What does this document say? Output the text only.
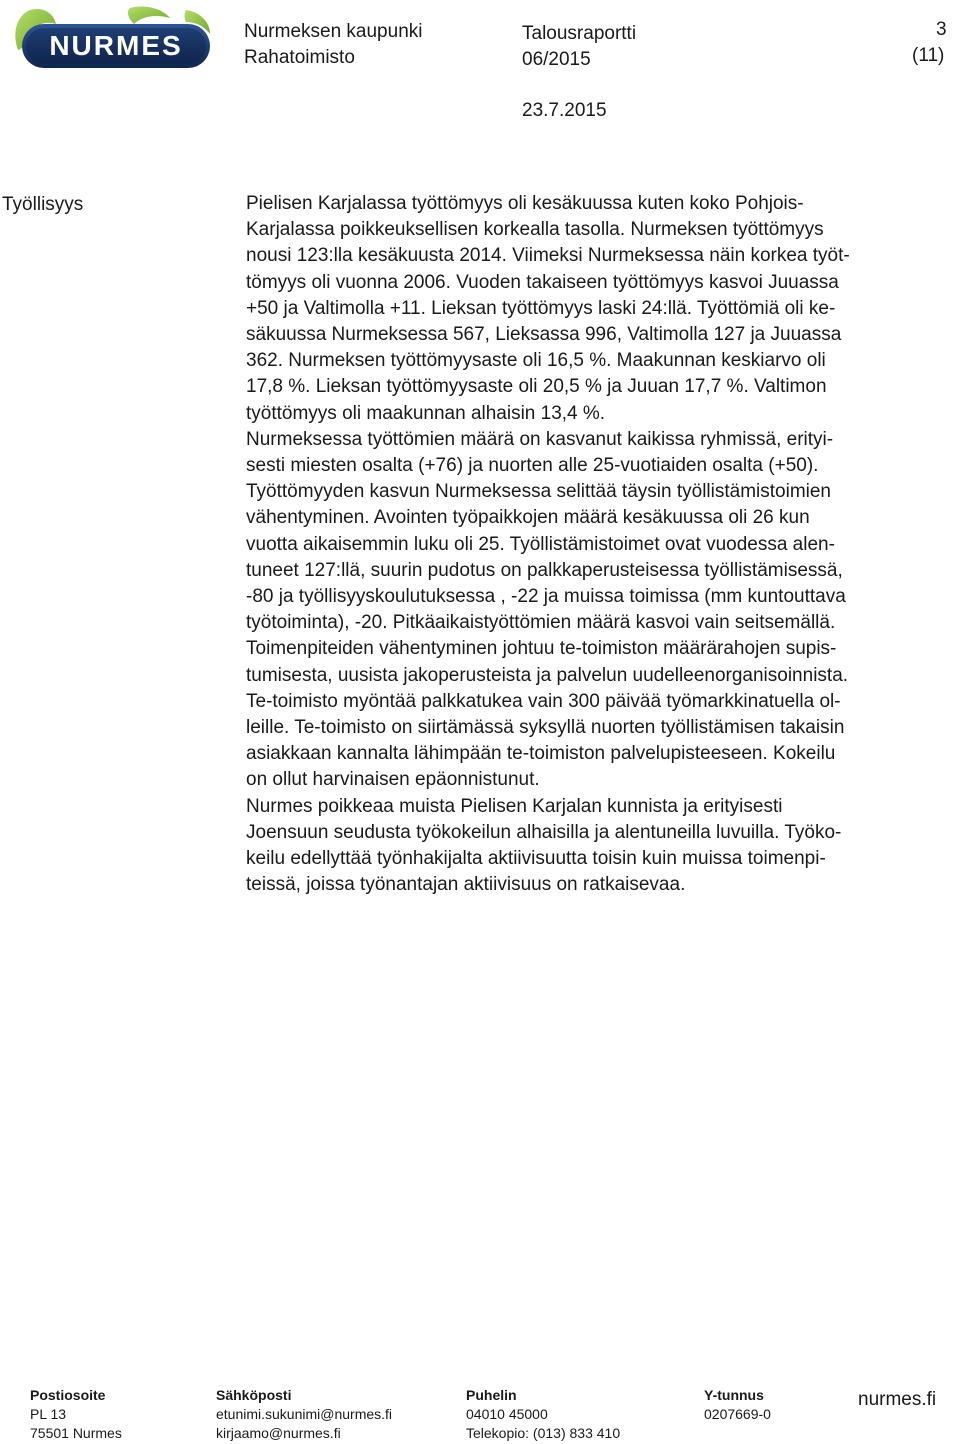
NURMES	Nurmeksen kaupunki
Rahatoimisto
Talousraportti
06/2015
3
(11)
23.7.2015
Työllisyys	Pielisen Karjalassa työttömyys oli kesäkuussa kuten koko Pohjois-
Karjalassa poikkeuksellisen korkealla tasolla. Nurmeksen työttömyys
nousi 123:lla kesäkuusta 2014. Viimeksi Nurmeksessa näin korkea työt-
tömyys oli vuonna 2006. Vuoden takaiseen työttömyys kasvoi Juuassa
+50 ja Valtimolla +11. Lieksan työttömyys laski 24:llä. Työttömiä oli ke-
säkuussa Nurmeksessa 567, Lieksassa 996, Valtimolla 127 ja Juuassa
362. Nurmeksen työttömyysaste oli 16,5 %. Maakunnan keskiarvo oli
17,8 %. Lieksan työttömyysaste oli 20,5 % ja Juuan 17,7 %. Valtimon
työttömyys oli maakunnan alhaisin 13,4 %.
Nurmeksessa työttömien määrä on kasvanut kaikissa ryhmissä, erityi-
sesti miesten osalta (+76) ja nuorten alle 25-vuotiaiden osalta (+50).
Työttömyyden kasvun Nurmeksessa selittää täysin työllistämistoimien
vähentyminen. Avointen työpaikkojen määrä kesäkuussa oli 26 kun
vuotta aikaisemmin luku oli 25. Työllistämistoimet ovat vuodessa alen-
tuneet 127:llä, suurin pudotus on palkkaperusteisessa työllistämisessä,
-80 ja työllisyyskoulutuksessa , -22 ja muissa toimissa (mm kuntouttava
työtoiminta), -20. Pitkäaikaistyöttömien määrä kasvoi vain seitsemällä.
Toimenpiteiden vähentyminen johtuu te-toimiston määrärahojen supis-
tumisesta, uusista jakoperusteista ja palvelun uudelleenorganisoinnista.
Te-toimisto myöntää palkkatukea vain 300 päivää työmarkkinatuella ol-
leille. Te-toimisto on siirtämässä syksyllä nuorten työllistämisen takaisin
asiakkaan kannalta lähimpään te-toimiston palvelupisteeseen. Kokeilu
on ollut harvinaisen epäonnistunut.
Nurmes poikkeaa muista Pielisen Karjalan kunnista ja erityisesti
Joensuun seudusta työkokeilun alhaisilla ja alentuneilla luvuilla. Työko-
keilu edellyttää työnhakijalta aktiivisuutta toisin kuin muissa toimenpi-
teissä, joissa työnantajan aktiivisuus on ratkaisevaa.
Postiosoite
PL 13
75501 Nurmes
Sähköposti
etunimi.sukunimi@nurmes.fi
kirjaamo@nurmes.fi
Puhelin
04010 45000
Telekopio: (013) 833 410
Y-tunnus
0207669-0
nurmes.fi
